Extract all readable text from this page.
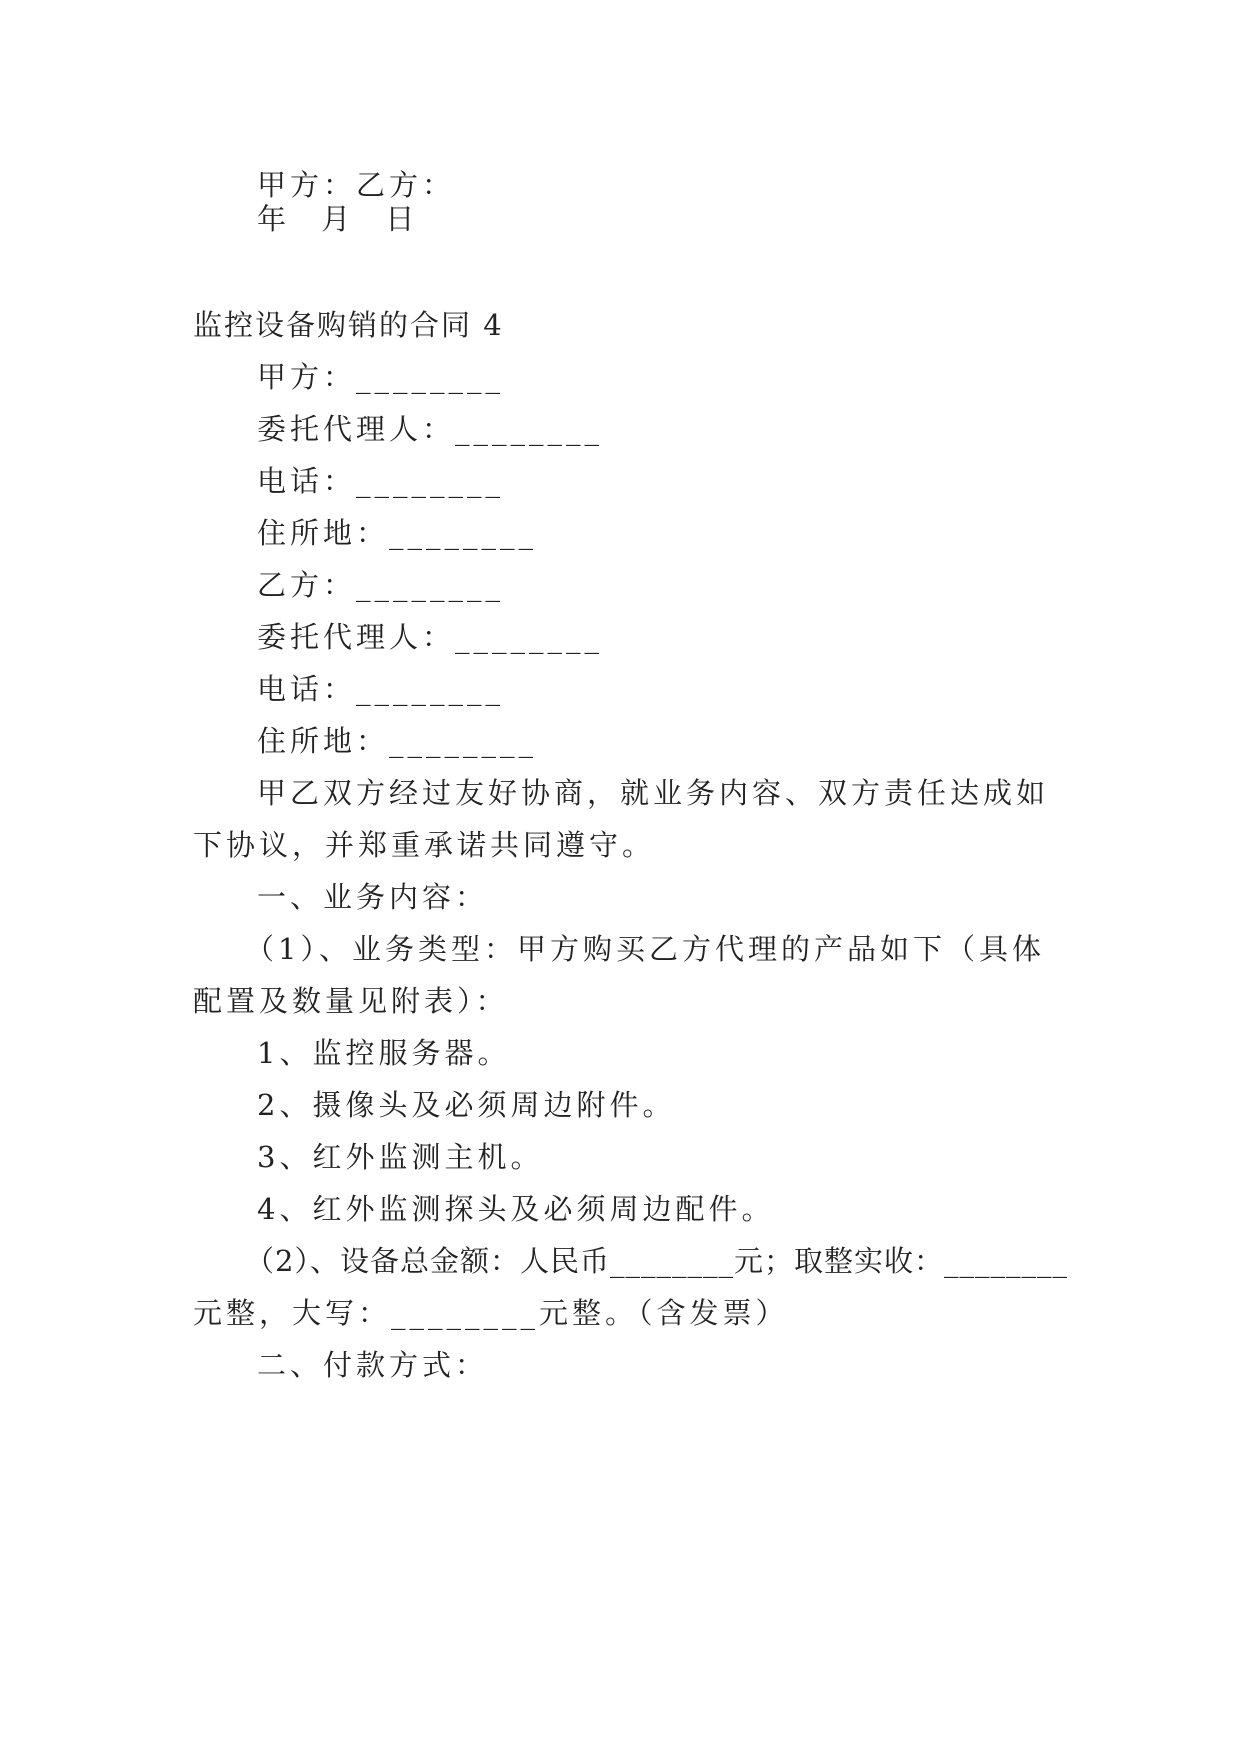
甲方：乙方：
年 月 日
监控设备购销的合同 4
甲方：________
委托代理人：________
电话：________
住所地：________
乙方：________
委托代理人：________
电话：________
住所地：________
甲乙双方经过友好协商，就业务内容、双方责任达成如
下协议，并郑重承诺共同遵守。
一、业务内容：
（1）、业务类型：甲方购买乙方代理的产品如下（具体
配置及数量见附表）：
1、监控服务器。
2、摄像头及必须周边附件。
3、红外监测主机。
4、红外监测探头及必须周边配件。
（2）、设备总金额：人民币________元；取整实收：________
元整，大写：________元整。（含发票）
二、付款方式：
